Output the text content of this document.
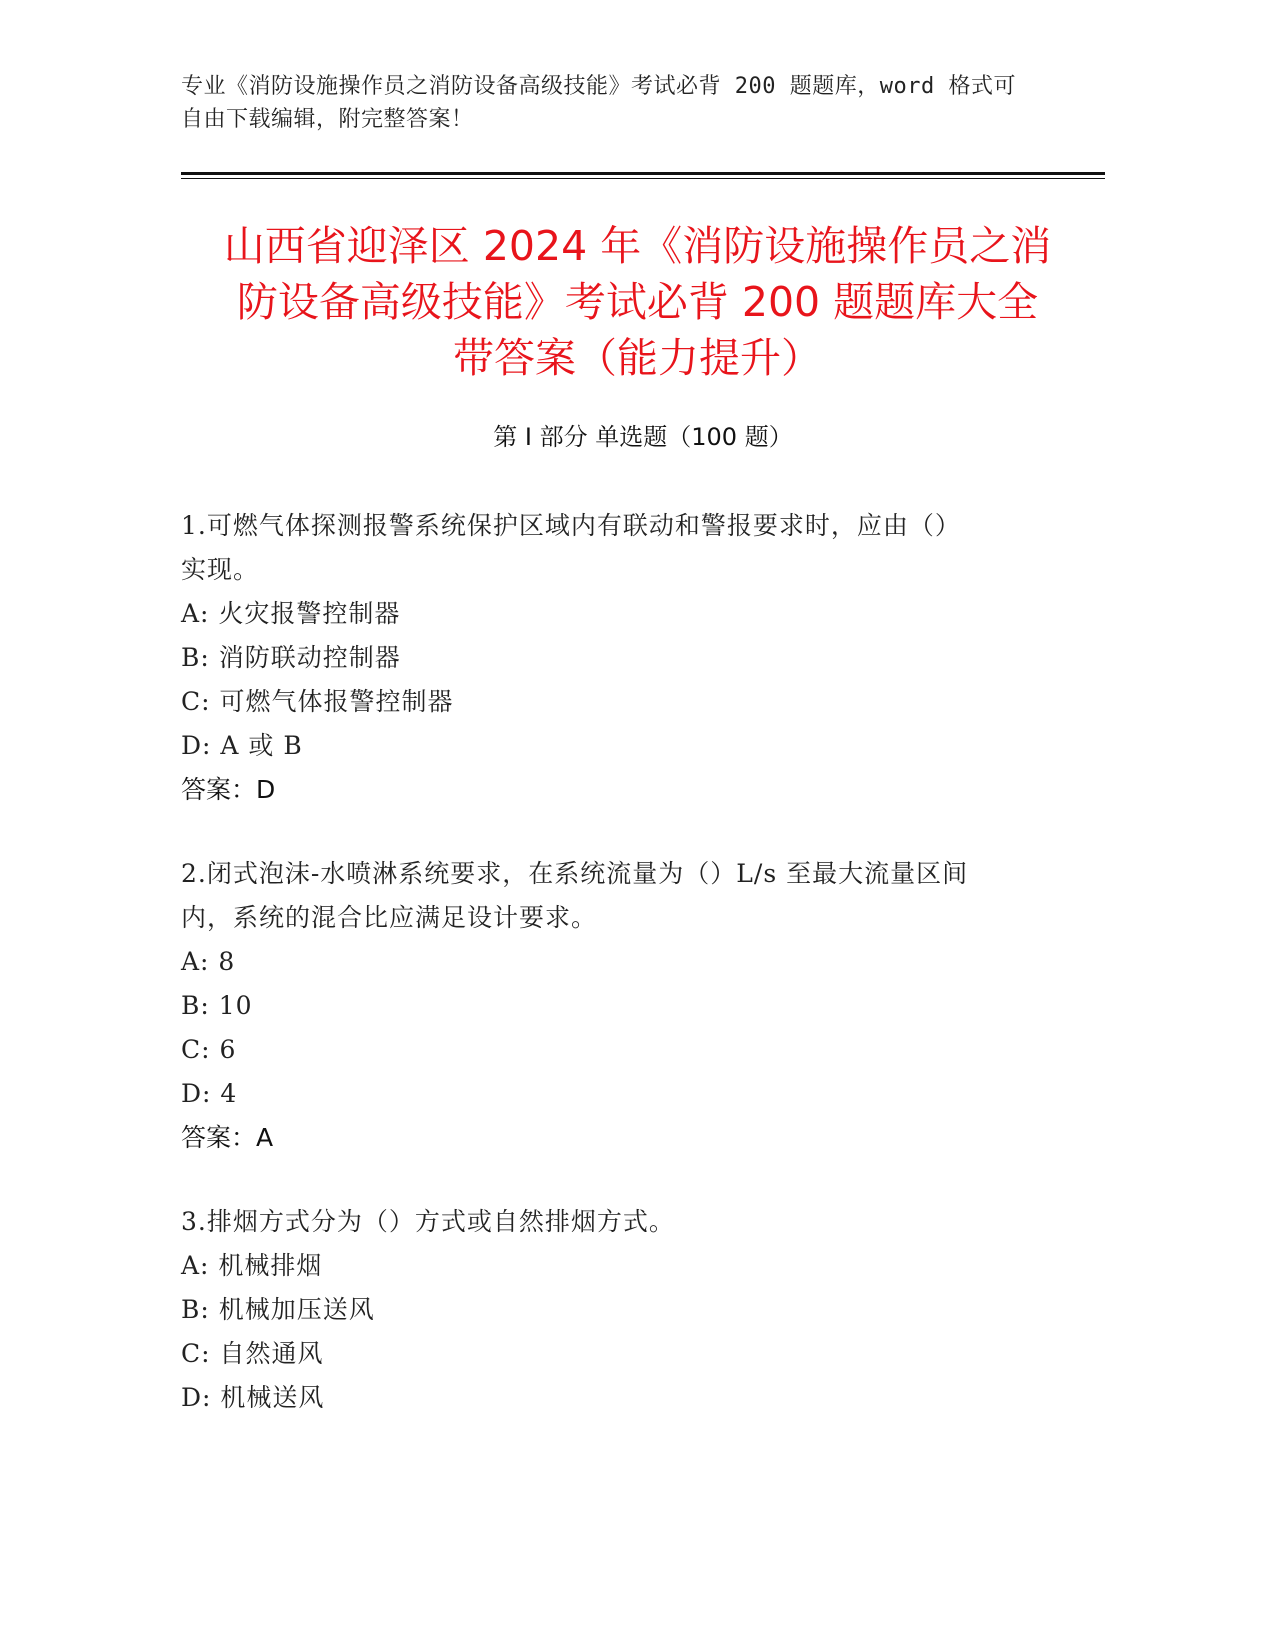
专业《消防设施操作员之消防设备高级技能》考试必背 200 题题库，word 格式可
自由下载编辑，附完整答案！
山西省迎泽区 2024 年《消防设施操作员之消
防设备高级技能》考试必背 200 题题库大全
带答案（能力提升）
第 I 部分 单选题（100 题）
1.可燃气体探测报警系统保护区域内有联动和警报要求时，应由（）
实现。
A: 火灾报警控制器
B: 消防联动控制器
C: 可燃气体报警控制器
D: A 或 B
答案：D
2.闭式泡沫-水喷淋系统要求，在系统流量为（）L/s 至最大流量区间
内，系统的混合比应满足设计要求。
A: 8
B: 10
C: 6
D: 4
答案：A
3.排烟方式分为（）方式或自然排烟方式。
A: 机械排烟
B: 机械加压送风
C: 自然通风
D: 机械送风
